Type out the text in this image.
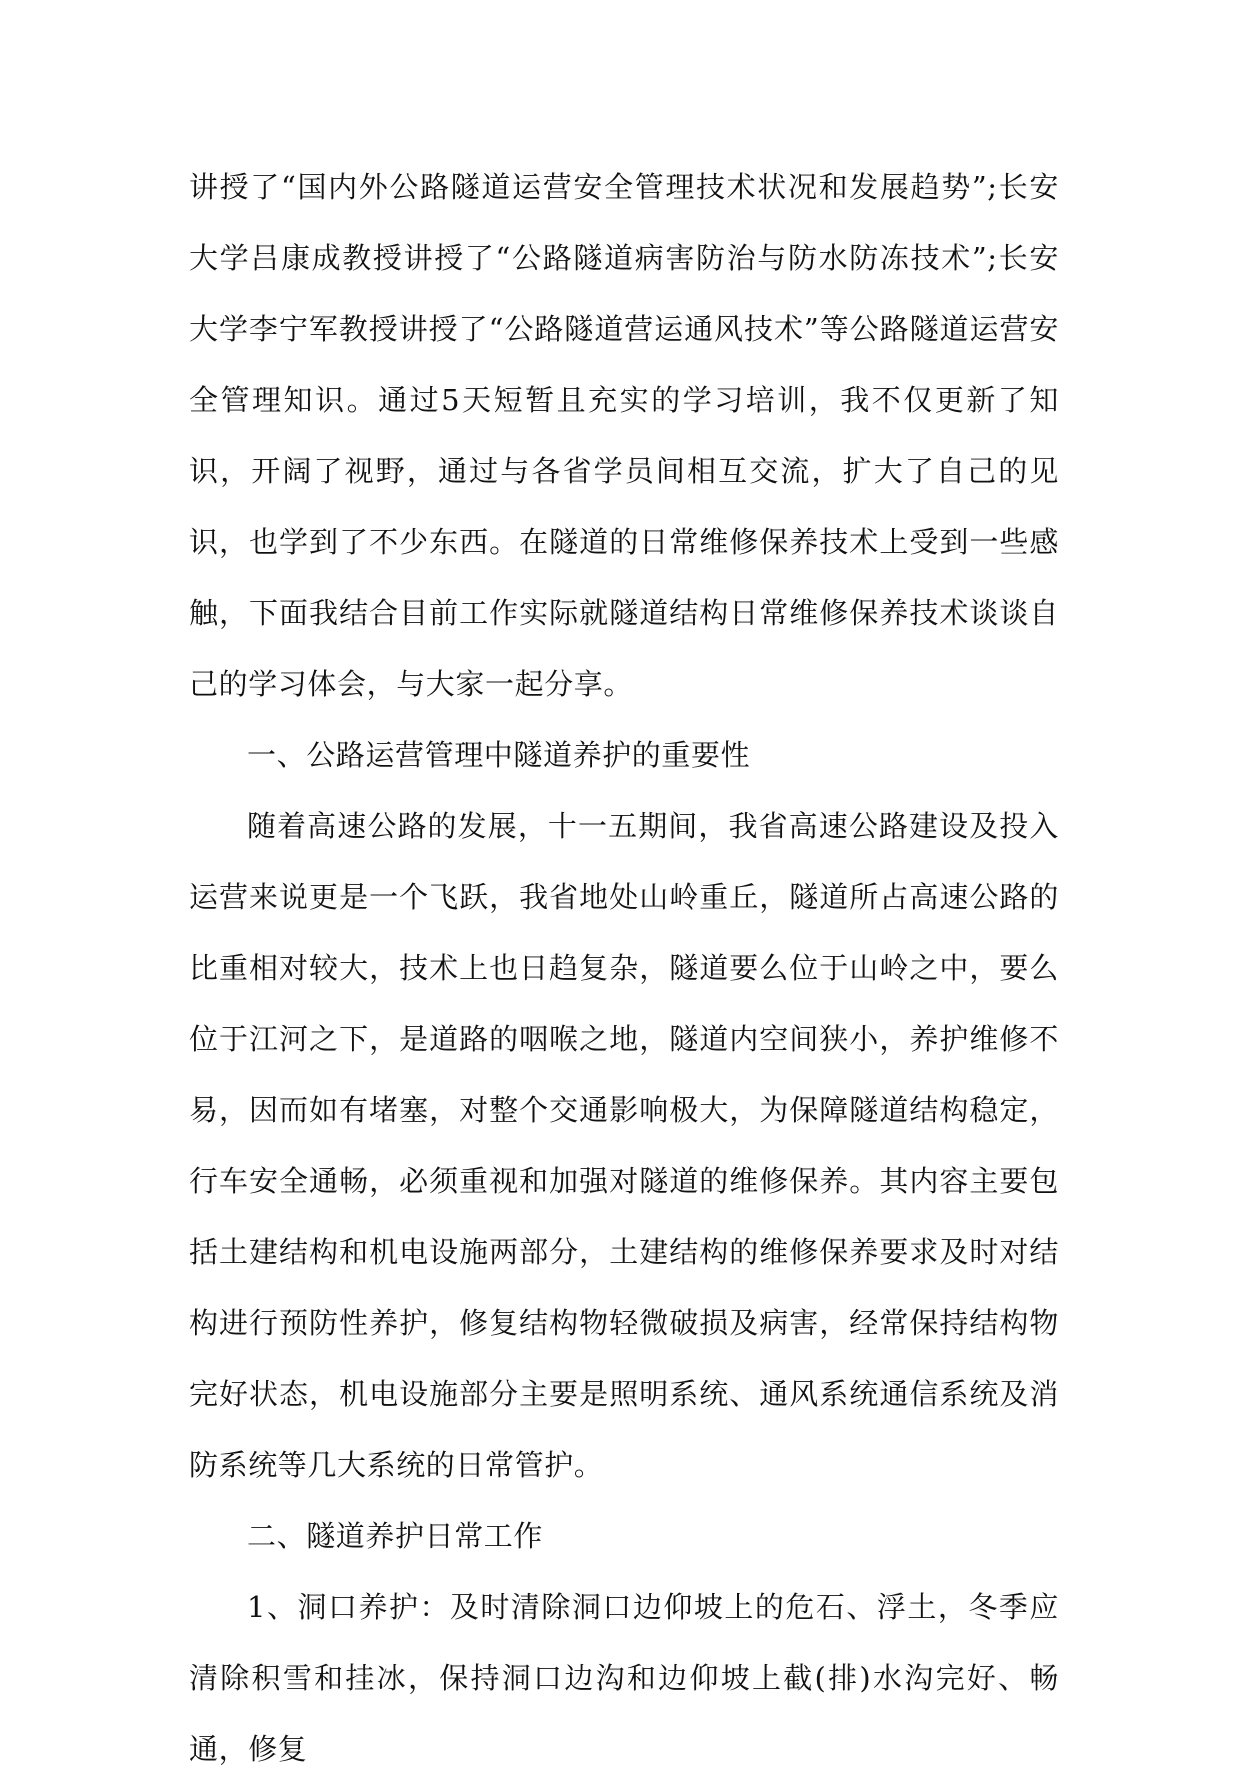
讲授了“国内外公路隧道运营安全管理技术状况和发展趋势”;长安大学吕康成教授讲授了“公路隧道病害防治与防水防冻技术”;长安大学李宁军教授讲授了“公路隧道营运通风技术”等公路隧道运营安全管理知识。通过5天短暂且充实的学习培训，我不仅更新了知识，开阔了视野，通过与各省学员间相互交流，扩大了自己的见识，也学到了不少东西。在隧道的日常维修保养技术上受到一些感触，下面我结合目前工作实际就隧道结构日常维修保养技术谈谈自己的学习体会，与大家一起分享。

一、公路运营管理中隧道养护的重要性

随着高速公路的发展，十一五期间，我省高速公路建设及投入运营来说更是一个飞跃，我省地处山岭重丘，隧道所占高速公路的比重相对较大，技术上也日趋复杂，隧道要么位于山岭之中，要么位于江河之下，是道路的咽喉之地，隧道内空间狭小，养护维修不易，因而如有堵塞，对整个交通影响极大，为保障隧道结构稳定，行车安全通畅，必须重视和加强对隧道的维修保养。其内容主要包括土建结构和机电设施两部分，土建结构的维修保养要求及时对结构进行预防性养护，修复结构物轻微破损及病害，经常保持结构物完好状态，机电设施部分主要是照明系统、通风系统通信系统及消防系统等几大系统的日常管护。

二、隧道养护日常工作

1、洞口养护：及时清除洞口边仰坡上的危石、浮土，冬季应清除积雪和挂冰，保持洞口边沟和边仰坡上截(排)水沟完好、畅通，修复
